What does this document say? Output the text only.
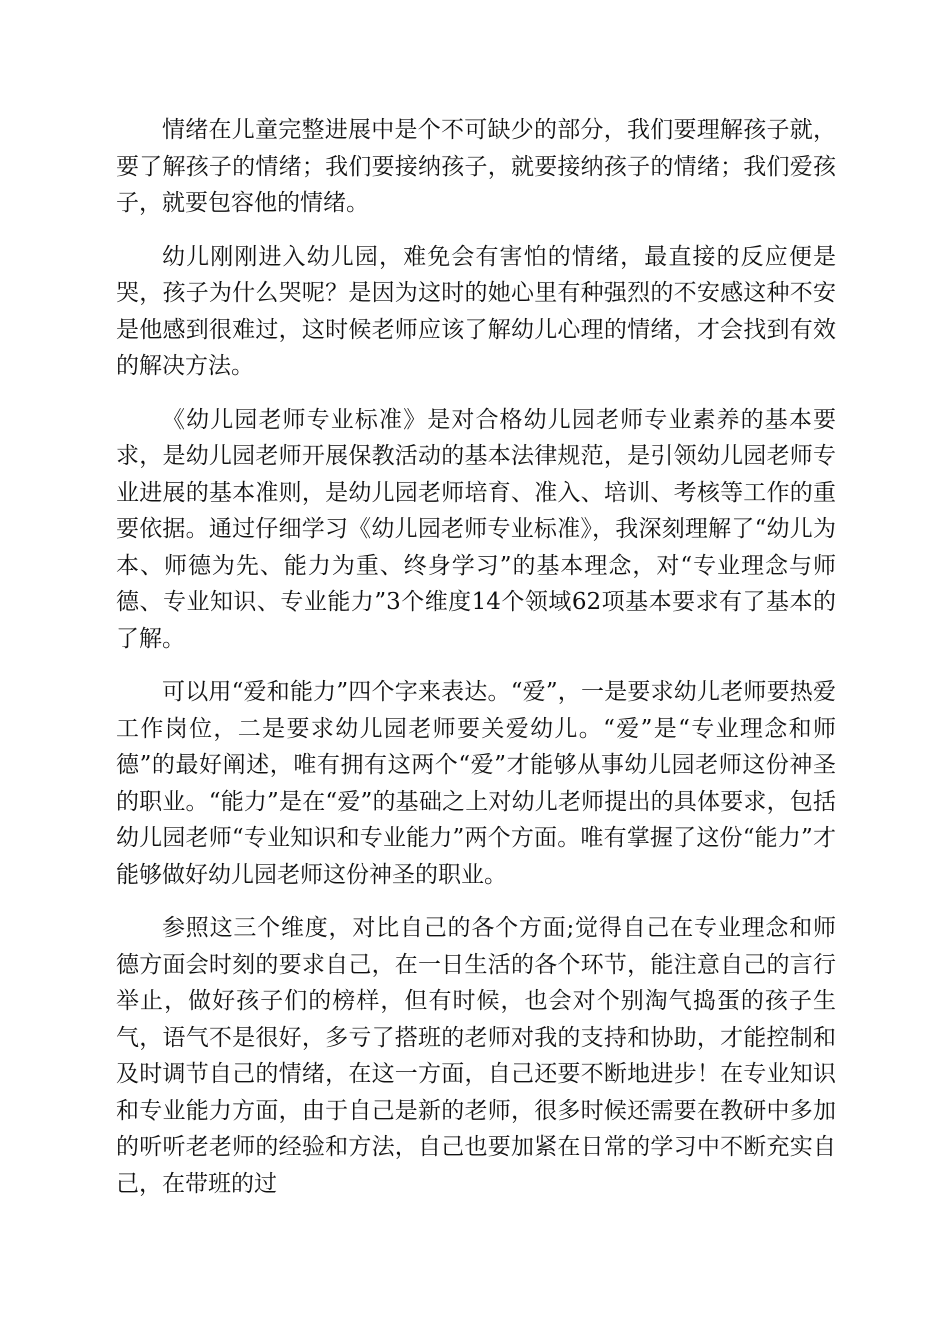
情绪在儿童完整进展中是个不可缺少的部分，我们要理解孩子就，要了解孩子的情绪；我们要接纳孩子，就要接纳孩子的情绪；我们爱孩子，就要包容他的情绪。

幼儿刚刚进入幼儿园，难免会有害怕的情绪，最直接的反应便是哭，孩子为什么哭呢？是因为这时的她心里有种强烈的不安感这种不安是他感到很难过，这时候老师应该了解幼儿心理的情绪，才会找到有效的解决方法。

《幼儿园老师专业标准》是对合格幼儿园老师专业素养的基本要求，是幼儿园老师开展保教活动的基本法律规范，是引领幼儿园老师专业进展的基本准则，是幼儿园老师培育、准入、培训、考核等工作的重要依据。通过仔细学习《幼儿园老师专业标准》，我深刻理解了“幼儿为本、师德为先、能力为重、终身学习”的基本理念，对“专业理念与师德、专业知识、专业能力”3个维度14个领域62项基本要求有了基本的了解。

可以用“爱和能力”四个字来表达。“爱”，一是要求幼儿老师要热爱工作岗位，二是要求幼儿园老师要关爱幼儿。“爱”是“专业理念和师德”的最好阐述，唯有拥有这两个“爱”才能够从事幼儿园老师这份神圣的职业。“能力”是在“爱”的基础之上对幼儿老师提出的具体要求，包括幼儿园老师“专业知识和专业能力”两个方面。唯有掌握了这份“能力”才能够做好幼儿园老师这份神圣的职业。

参照这三个维度，对比自己的各个方面;觉得自己在专业理念和师德方面会时刻的要求自己，在一日生活的各个环节，能注意自己的言行举止，做好孩子们的榜样，但有时候，也会对个别淘气捣蛋的孩子生气，语气不是很好，多亏了搭班的老师对我的支持和协助，才能控制和及时调节自己的情绪，在这一方面，自己还要不断地进步！在专业知识和专业能力方面，由于自己是新的老师，很多时候还需要在教研中多加的听听老老师的经验和方法，自己也要加紧在日常的学习中不断充实自己，在带班的过
